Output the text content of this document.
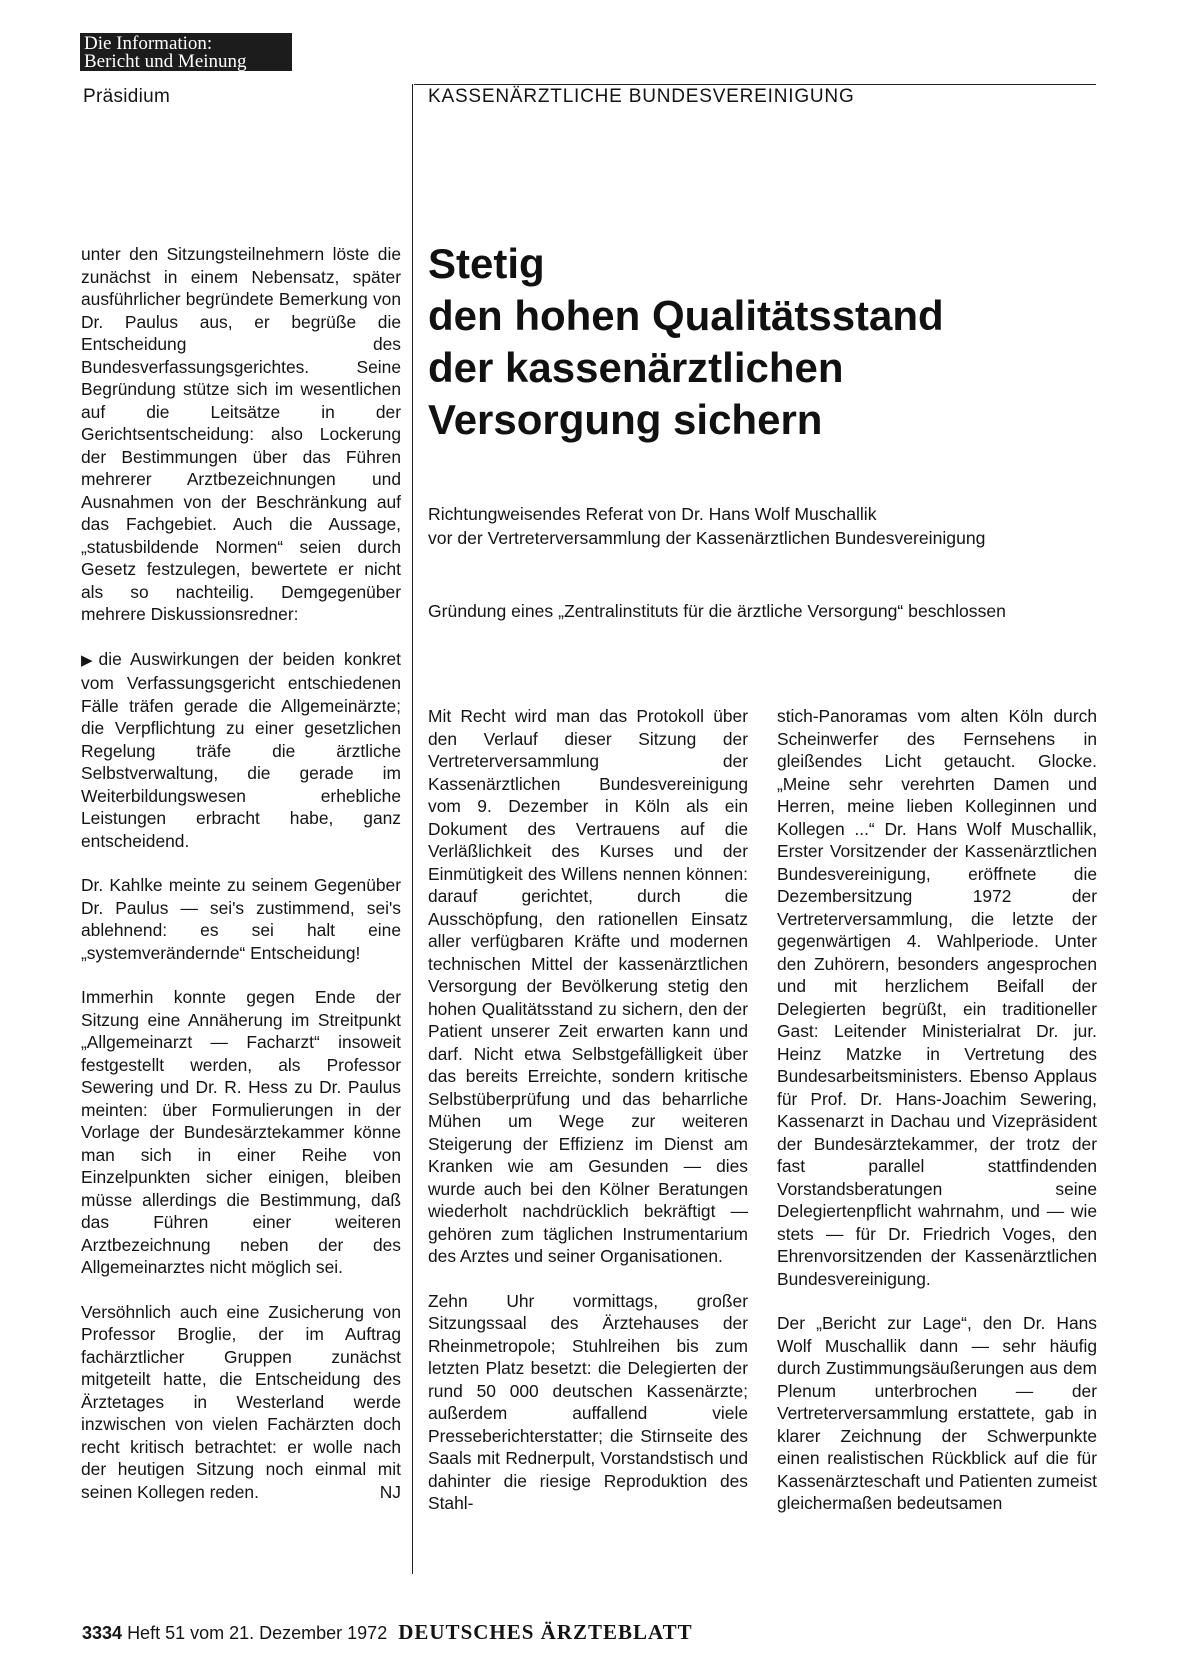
Die Information:
Bericht und Meinung
Präsidium	KASSENÄRZTLICHE BUNDESVEREINIGUNG

unter den Sitzungsteilnehmern löste die zunächst in einem Nebensatz, später ausführlicher begründete Bemerkung von Dr. Paulus aus, er begrüße die Entscheidung des Bundesverfassungsgerichtes. Seine Begründung stütze sich im wesentlichen auf die Leitsätze in der Gerichtsentscheidung: also Lockerung der Bestimmungen über das Führen mehrerer Arztbezeichnungen und Ausnahmen von der Beschränkung auf das Fachgebiet. Auch die Aussage, „statusbildende Normen“ seien durch Gesetz festzulegen, bewertete er nicht als so nachteilig. Demgegenüber mehrere Diskussionsredner:

▶ die Auswirkungen der beiden konkret vom Verfassungsgericht entschiedenen Fälle träfen gerade die Allgemeinärzte; die Verpflichtung zu einer gesetzlichen Regelung träfe die ärztliche Selbstverwaltung, die gerade im Weiterbildungswesen erhebliche Leistungen erbracht habe, ganz entscheidend.

Dr. Kahlke meinte zu seinem Gegenüber Dr. Paulus — sei's zustimmend, sei's ablehnend: es sei halt eine „systemverändernde“ Entscheidung!

Immerhin konnte gegen Ende der Sitzung eine Annäherung im Streitpunkt „Allgemeinarzt — Facharzt“ insoweit festgestellt werden, als Professor Sewering und Dr. R. Hess zu Dr. Paulus meinten: über Formulierungen in der Vorlage der Bundesärztekammer könne man sich in einer Reihe von Einzelpunkten sicher einigen, bleiben müsse allerdings die Bestimmung, daß das Führen einer weiteren Arztbezeichnung neben der des Allgemeinarztes nicht möglich sei.

Versöhnlich auch eine Zusicherung von Professor Broglie, der im Auftrag fachärztlicher Gruppen zunächst mitgeteilt hatte, die Entscheidung des Ärztetages in Westerland werde inzwischen von vielen Fachärzten doch recht kritisch betrachtet: er wolle nach der heutigen Sitzung noch einmal mit seinen Kollegen reden.	NJ

Stetig
den hohen Qualitätsstand
der kassenärztlichen
Versorgung sichern
Richtungweisendes Referat von Dr. Hans Wolf Muschallik
vor der Vertreterversammlung der Kassenärztlichen Bundesvereinigung
Gründung eines „Zentralinstituts für die ärztliche Versorgung“ beschlossen

Mit Recht wird man das Protokoll über den Verlauf dieser Sitzung der Vertreterversammlung der Kassenärztlichen Bundesvereinigung vom 9. Dezember in Köln als ein Dokument des Vertrauens auf die Verläßlichkeit des Kurses und der Einmütigkeit des Willens nennen können: darauf gerichtet, durch die Ausschöpfung, den rationellen Einsatz aller verfügbaren Kräfte und modernen technischen Mittel der kassenärztlichen Versorgung der Bevölkerung stetig den hohen Qualitätsstand zu sichern, den der Patient unserer Zeit erwarten kann und darf. Nicht etwa Selbstgefälligkeit über das bereits Erreichte, sondern kritische Selbstüberprüfung und das beharrliche Mühen um Wege zur weiteren Steigerung der Effizienz im Dienst am Kranken wie am Gesunden — dies wurde auch bei den Kölner Beratungen wiederholt nachdrücklich bekräftigt — gehören zum täglichen Instrumentarium des Arztes und seiner Organisationen.

Zehn Uhr vormittags, großer Sitzungssaal des Ärztehauses der Rheinmetropole; Stuhlreihen bis zum letzten Platz besetzt: die Delegierten der rund 50 000 deutschen Kassenärzte; außerdem auffallend viele Presseberichterstatter; die Stirnseite des Saals mit Rednerpult, Vorstandstisch und dahinter die riesige Reproduktion des Stahl-

stich-Panoramas vom alten Köln durch Scheinwerfer des Fernsehens in gleißendes Licht getaucht. Glocke. „Meine sehr verehrten Damen und Herren, meine lieben Kolleginnen und Kollegen ...“ Dr. Hans Wolf Muschallik, Erster Vorsitzender der Kassenärztlichen Bundesvereinigung, eröffnete die Dezembersitzung 1972 der Vertreterversammlung, die letzte der gegenwärtigen 4. Wahlperiode. Unter den Zuhörern, besonders angesprochen und mit herzlichem Beifall der Delegierten begrüßt, ein traditioneller Gast: Leitender Ministerialrat Dr. jur. Heinz Matzke in Vertretung des Bundesarbeitsministers. Ebenso Applaus für Prof. Dr. Hans-Joachim Sewering, Kassenarzt in Dachau und Vizepräsident der Bundesärztekammer, der trotz der fast parallel stattfindenden Vorstandsberatungen seine Delegiertenpflicht wahrnahm, und — wie stets — für Dr. Friedrich Voges, den Ehrenvorsitzenden der Kassenärztlichen Bundesvereinigung.

Der „Bericht zur Lage“, den Dr. Hans Wolf Muschallik dann — sehr häufig durch Zustimmungsäußerungen aus dem Plenum unterbrochen — der Vertreterversammlung erstattete, gab in klarer Zeichnung der Schwerpunkte einen realistischen Rückblick auf die für Kassenärzteschaft und Patienten zumeist gleichermaßen bedeutsamen

3334 Heft 51 vom 21. Dezember 1972 DEUTSCHES ÄRZTEBLATT
